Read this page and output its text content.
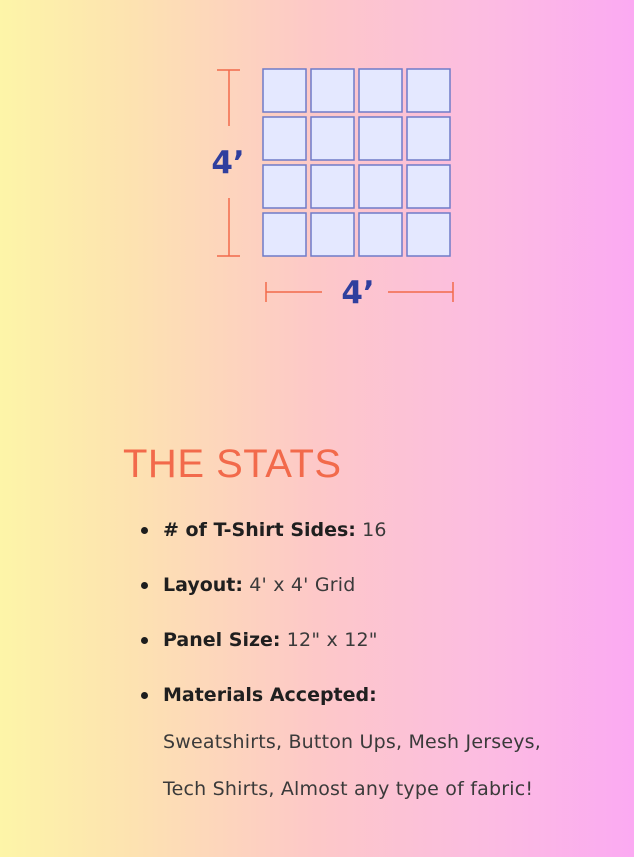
4’
4’
THE STATS
# of T-Shirt Sides: 16
Layout: 4' x 4' Grid
Panel Size: 12" x 12"
Materials Accepted:
Sweatshirts, Button Ups, Mesh Jerseys, Tech Shirts, Almost any type of fabric!
